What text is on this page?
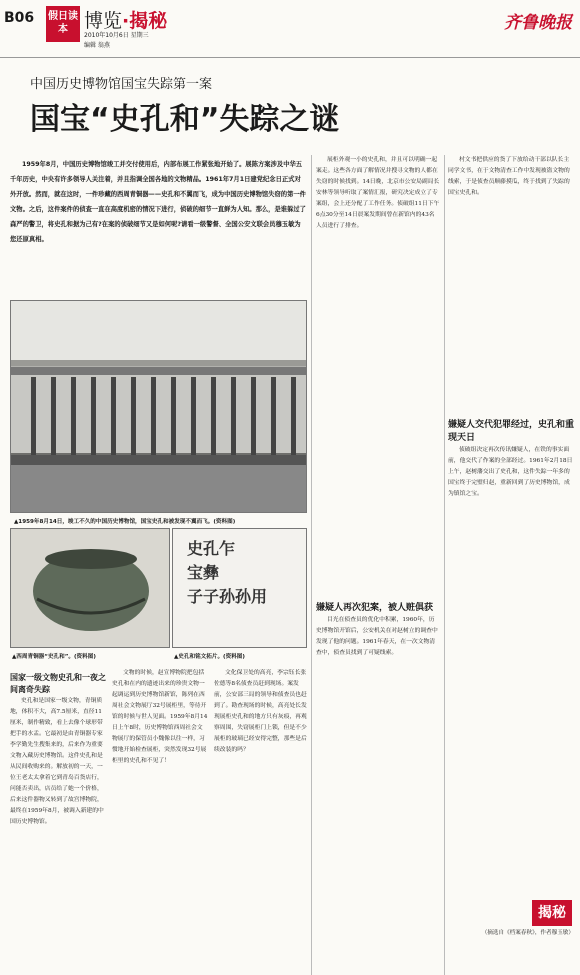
B06 假日读本 博览·揭秘
2010年10月6日 星期三
编辑 翁燕
齐鲁晚报
中国历史博物馆国宝失踪第一案
国宝“史孔和”失踪之谜
1959年8月，中国历史博物馆竣工并交付使用后，内部布展工作紧张地开始了。展陈方案涉及中华五千年历史，中央有许多领导人关注着，并且指调全国各地的文物精品。1961年7月1日建党纪念日正式对外开放。然而，就在这时，一件珍藏的西周青铜器——史孔和不翼而飞，成为中国历史博物馆失窃的第一件文物。之后，这件案件的侦查一直在高度机密的情况下进行，侦破的细节一直鲜为人知。那么，是谁躲过了森严的警卫，将史孔和据为己有?在案的侦破细节又是如何呢?请看一级警督、全国公安文联会员穆玉敏为您还原真相。
▲1959年8月14日，竣工不久的中国历史博物馆，国宝史孔和被发现不翼而飞。(资料图)
▲西周青铜器“史孔和”。(资料图)
史孔乍
宝彝
子子孙孙用
▲史孔和铭文拓片。(资料图)

国家一级文物史孔和一夜之间离奇失踪

史孔和是国家一级文物，青铜质地，体积不大，高7.5厘米，直径11厘米，制作精致，看上去像个球形带把手的水盂。它最初是由青铜器专家李学勤先生搜集来的，后来作为重要文物入藏历史博物馆。这件史孔和是从民间收购来的。解放初的一天，一位王老太太拿着它到青岛百货店行，问能否卖出，店员给了她一个价格，后来这件器物又转到了故宫博物院，最终在1959年8月，被调入新建的中国历史博物馆。

文物的时候，赵宣博物院把包括史孔和在内的遗迹出来的珍贵文物一起调运到历史博物馆新馆，陈列在西周社会文物展厅32号展柜里，等待开馆的时候与世人见面。1959年8月14日上午8时，历史博物馆西周社会文物展厅的保管员小魏像以往一样，习惯地开始检查展柜，突然发现32号展柜里的史孔和不见了！

文化保卫处的高亮，李宗钰长张佐德等8名侦查员赶到现场。案发前，公安部三局的领导和侦查员也赶到了。勘查现场的时候，高亮处长发现展柜史孔和的地方只有灰痕，再观察周围，失窃展柜门上锁，但是不少展柜的玻璃已经安得完整，那些是后续改装的吗？

展柜外观一小的史孔和，并且可以明确一起案走。这些各方面了解情况并搜寻文物的人都在失窃的时候找到。14日晚，北京市公安局副局长安林等领导听取了案情汇报，研究决定成立了专案组，会上还分配了工作任务。侦破组11日下午6点30分至14日晨案发期间曾在新馆内的43名人员进行了排查。

嫌疑人再次犯案，被人赃俱获

目光在侦查员的优化中积累，1960年，历史博物馆开馆后，公安机关在对赵树立的调查中发现了他的问题。1961年春天，在一次文物清查中，侦查员找到了可疑线索。

村文书把供应的货了下放给动干部以队长主同学文书，在于文物清查工作中发现被盗文物的线索，于是侦查员顺藤摸瓜，终于找到了失踪的国宝史孔和。

嫌疑人交代犯罪经过，史孔和重现天日

侦破组决定再次传讯嫌疑人，在铁的事实面前，他交代了作案的全部经过。1961年2月18日上午，赵树藩交出了史孔和，这件失踪一年多的国宝终于完璧归赵，重新回到了历史博物馆，成为镇馆之宝。

揭秘
（摘选自《档案春秋》，作者穆玉敏）
